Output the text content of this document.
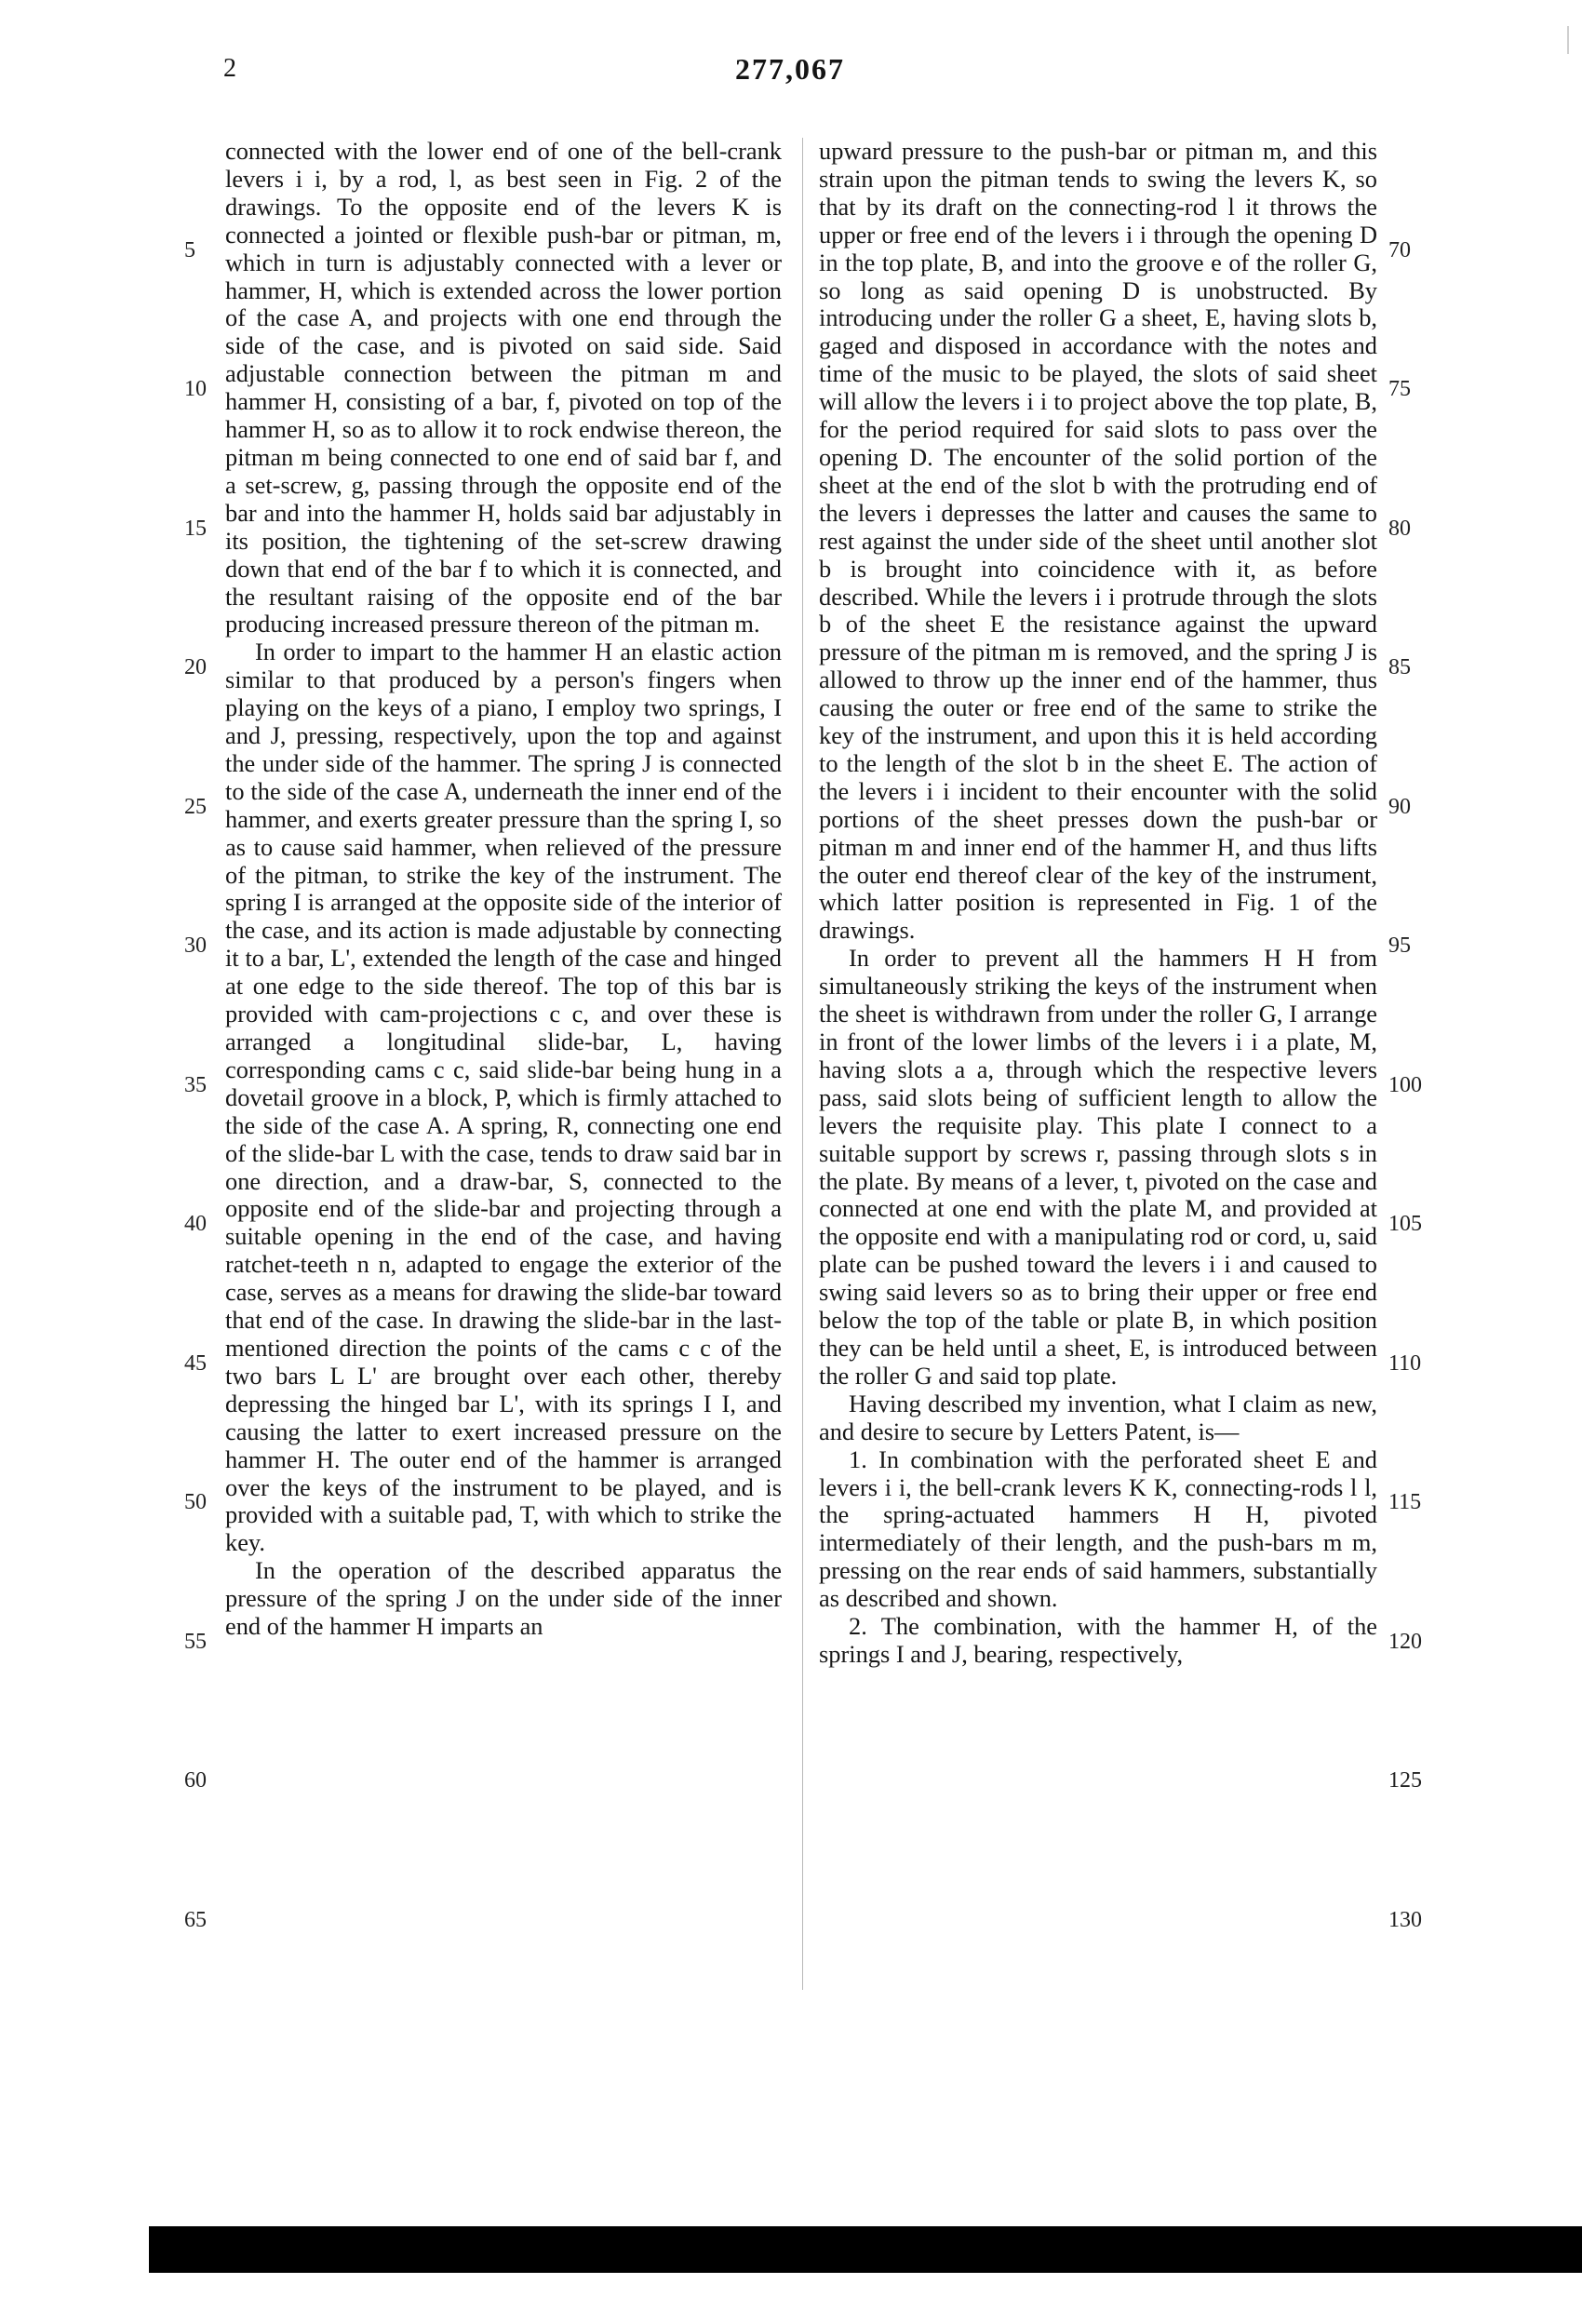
2	277,067

connected with the lower end of one of the bell-crank levers i i, by a rod, l, as best seen in Fig. 2 of the drawings. To the opposite end of the levers K is connected a jointed or flexible push-bar or pitman, m, which in turn is adjustably connected with a lever or hammer, H, which is extended across the lower portion of the case A, and projects with one end through the side of the case, and is pivoted on said side. Said adjustable connection between the pitman m and hammer H, consisting of a bar, f, pivoted on top of the hammer H, so as to allow it to rock endwise thereon, the pitman m being connected to one end of said bar f, and a set-screw, g, passing through the opposite end of the bar and into the hammer H, holds said bar adjustably in its position, the tightening of the set-screw drawing down that end of the bar f to which it is connected, and the resultant raising of the opposite end of the bar producing increased pressure thereon of the pitman m.

In order to impart to the hammer H an elastic action similar to that produced by a person's fingers when playing on the keys of a piano, I employ two springs, I and J, pressing, respectively, upon the top and against the under side of the hammer. The spring J is connected to the side of the case A, underneath the inner end of the hammer, and exerts greater pressure than the spring I, so as to cause said hammer, when relieved of the pressure of the pitman, to strike the key of the instrument. The spring I is arranged at the opposite side of the interior of the case, and its action is made adjustable by connecting it to a bar, L', extended the length of the case and hinged at one edge to the side thereof. The top of this bar is provided with cam-projections c c, and over these is arranged a longitudinal slide-bar, L, having corresponding cams c c, said slide-bar being hung in a dovetail groove in a block, P, which is firmly attached to the side of the case A. A spring, R, connecting one end of the slide-bar L with the case, tends to draw said bar in one direction, and a draw-bar, S, connected to the opposite end of the slide-bar and projecting through a suitable opening in the end of the case, and having ratchet-teeth n n, adapted to engage the exterior of the case, serves as a means for drawing the slide-bar toward that end of the case. In drawing the slide-bar in the last-mentioned direction the points of the cams c c of the two bars L L' are brought over each other, thereby depressing the hinged bar L', with its springs I I, and causing the latter to exert increased pressure on the hammer H. The outer end of the hammer is arranged over the keys of the instrument to be played, and is provided with a suitable pad, T, with which to strike the key.

In the operation of the described apparatus the pressure of the spring J on the under side of the inner end of the hammer H imparts an

upward pressure to the push-bar or pitman m, and this strain upon the pitman tends to swing the levers K, so that by its draft on the connecting-rod l it throws the upper or free end of the levers i i through the opening D in the top plate, B, and into the groove e of the roller G, so long as said opening D is unobstructed. By introducing under the roller G a sheet, E, having slots b, gaged and disposed in accordance with the notes and time of the music to be played, the slots of said sheet will allow the levers i i to project above the top plate, B, for the period required for said slots to pass over the opening D. The encounter of the solid portion of the sheet at the end of the slot b with the protruding end of the levers i depresses the latter and causes the same to rest against the under side of the sheet until another slot b is brought into coincidence with it, as before described. While the levers i i protrude through the slots b of the sheet E the resistance against the upward pressure of the pitman m is removed, and the spring J is allowed to throw up the inner end of the hammer, thus causing the outer or free end of the same to strike the key of the instrument, and upon this it is held according to the length of the slot b in the sheet E. The action of the levers i i incident to their encounter with the solid portions of the sheet presses down the push-bar or pitman m and inner end of the hammer H, and thus lifts the outer end thereof clear of the key of the instrument, which latter position is represented in Fig. 1 of the drawings.

In order to prevent all the hammers H H from simultaneously striking the keys of the instrument when the sheet is withdrawn from under the roller G, I arrange in front of the lower limbs of the levers i i a plate, M, having slots a a, through which the respective levers pass, said slots being of sufficient length to allow the levers the requisite play. This plate I connect to a suitable support by screws r, passing through slots s in the plate. By means of a lever, t, pivoted on the case and connected at one end with the plate M, and provided at the opposite end with a manipulating rod or cord, u, said plate can be pushed toward the levers i i and caused to swing said levers so as to bring their upper or free end below the top of the table or plate B, in which position they can be held until a sheet, E, is introduced between the roller G and said top plate.

Having described my invention, what I claim as new, and desire to secure by Letters Patent, is—

1. In combination with the perforated sheet E and levers i i, the bell-crank levers K K, connecting-rods l l, the spring-actuated hammers H H, pivoted intermediately of their length, and the push-bars m m, pressing on the rear ends of said hammers, substantially as described and shown.

2. The combination, with the hammer H, of the springs I and J, bearing, respectively,

5
10
15
20
25
30
35
40
45
50
55
60
65
70
75
80
85
90
95
100
105
110
115
120
125
130
